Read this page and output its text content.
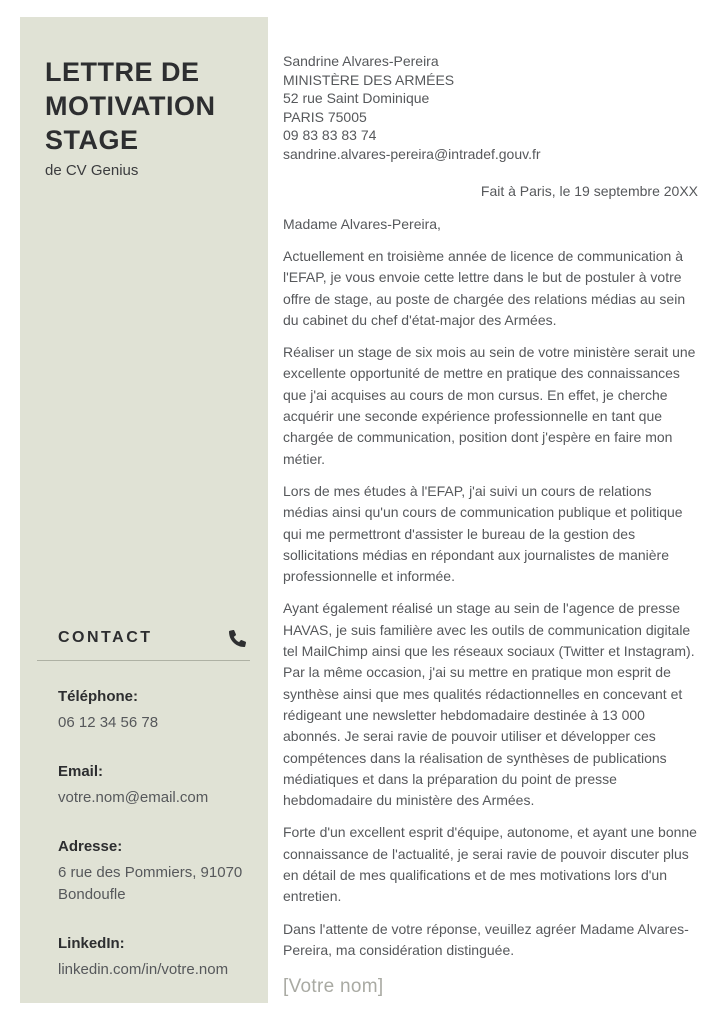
LETTRE DE MOTIVATION STAGE
de CV Genius
CONTACT
Téléphone:
06 12 34 56 78
Email:
votre.nom@email.com
Adresse:
6 rue des Pommiers, 91070 Bondoufle
LinkedIn:
linkedin.com/in/votre.nom
Sandrine Alvares-Pereira
MINISTÈRE DES ARMÉES
52 rue Saint Dominique
PARIS 75005
09 83 83 83 74
sandrine.alvares-pereira@intradef.gouv.fr
Fait à Paris, le 19 septembre 20XX
Madame Alvares-Pereira,

Actuellement en troisième année de licence de communication à l'EFAP, je vous envoie cette lettre dans le but de postuler à votre offre de stage, au poste de chargée des relations médias au sein du cabinet du chef d'état-major des Armées.

Réaliser un stage de six mois au sein de votre ministère serait une excellente opportunité de mettre en pratique des connaissances que j'ai acquises au cours de mon cursus. En effet, je cherche acquérir une seconde expérience professionnelle en tant que chargée de communication, position dont j'espère en faire mon métier.

Lors de mes études à l'EFAP, j'ai suivi un cours de relations médias ainsi qu'un cours de communication publique et politique qui me permettront d'assister le bureau de la gestion des sollicitations médias en répondant aux journalistes de manière professionnelle et informée.

Ayant également réalisé un stage au sein de l'agence de presse HAVAS, je suis familière avec les outils de communication digitale tel MailChimp ainsi que les réseaux sociaux (Twitter et Instagram). Par la même occasion, j'ai su mettre en pratique mon esprit de synthèse ainsi que mes qualités rédactionnelles en concevant et rédigeant une newsletter hebdomadaire destinée à 13 000 abonnés. Je serai ravie de pouvoir utiliser et développer ces compétences dans la réalisation de synthèses de publications médiatiques et dans la préparation du point de presse hebdomadaire du ministère des Armées.

Forte d'un excellent esprit d'équipe, autonome, et ayant une bonne connaissance de l'actualité, je serai ravie de pouvoir discuter plus en détail de mes qualifications et de mes motivations lors d'un entretien.

Dans l'attente de votre réponse, veuillez agréer Madame Alvares-Pereira, ma considération distinguée.

[Votre nom]
